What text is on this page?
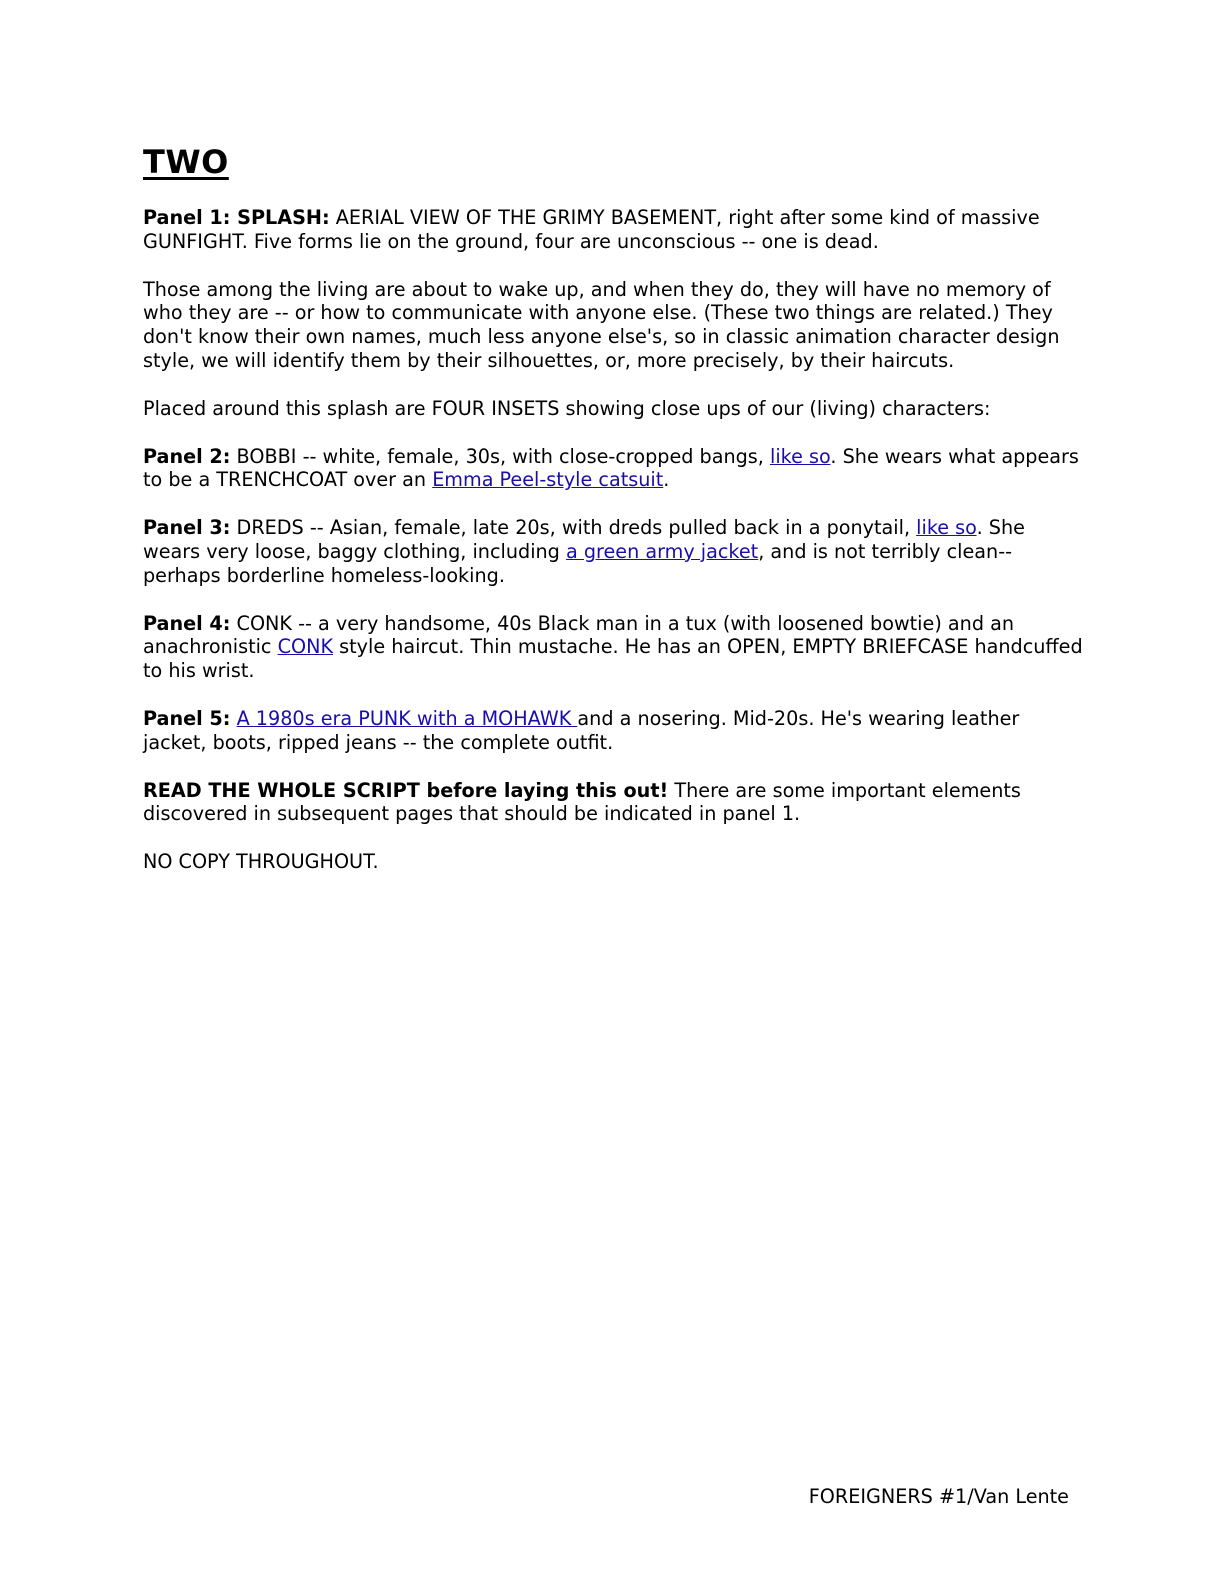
TWO

Panel 1: SPLASH: AERIAL VIEW OF THE GRIMY BASEMENT, right after some kind of massive GUNFIGHT. Five forms lie on the ground, four are unconscious -- one is dead.

Those among the living are about to wake up, and when they do, they will have no memory of who they are -- or how to communicate with anyone else. (These two things are related.) They don't know their own names, much less anyone else's, so in classic animation character design style, we will identify them by their silhouettes, or, more precisely, by their haircuts.

Placed around this splash are FOUR INSETS showing close ups of our (living) characters:

Panel 2: BOBBI -- white, female, 30s, with close-cropped bangs, like so. She wears what appears to be a TRENCHCOAT over an Emma Peel-style catsuit.

Panel 3: DREDS -- Asian, female, late 20s, with dreds pulled back in a ponytail, like so. She wears very loose, baggy clothing, including a green army jacket, and is not terribly clean--perhaps borderline homeless-looking.

Panel 4: CONK -- a very handsome, 40s Black man in a tux (with loosened bowtie) and an anachronistic CONK style haircut. Thin mustache. He has an OPEN, EMPTY BRIEFCASE handcuffed to his wrist.

Panel 5: A 1980s era PUNK with a MOHAWK and a nosering. Mid-20s. He's wearing leather jacket, boots, ripped jeans -- the complete outfit.

READ THE WHOLE SCRIPT before laying this out! There are some important elements discovered in subsequent pages that should be indicated in panel 1.

NO COPY THROUGHOUT.

FOREIGNERS #1/Van Lente
